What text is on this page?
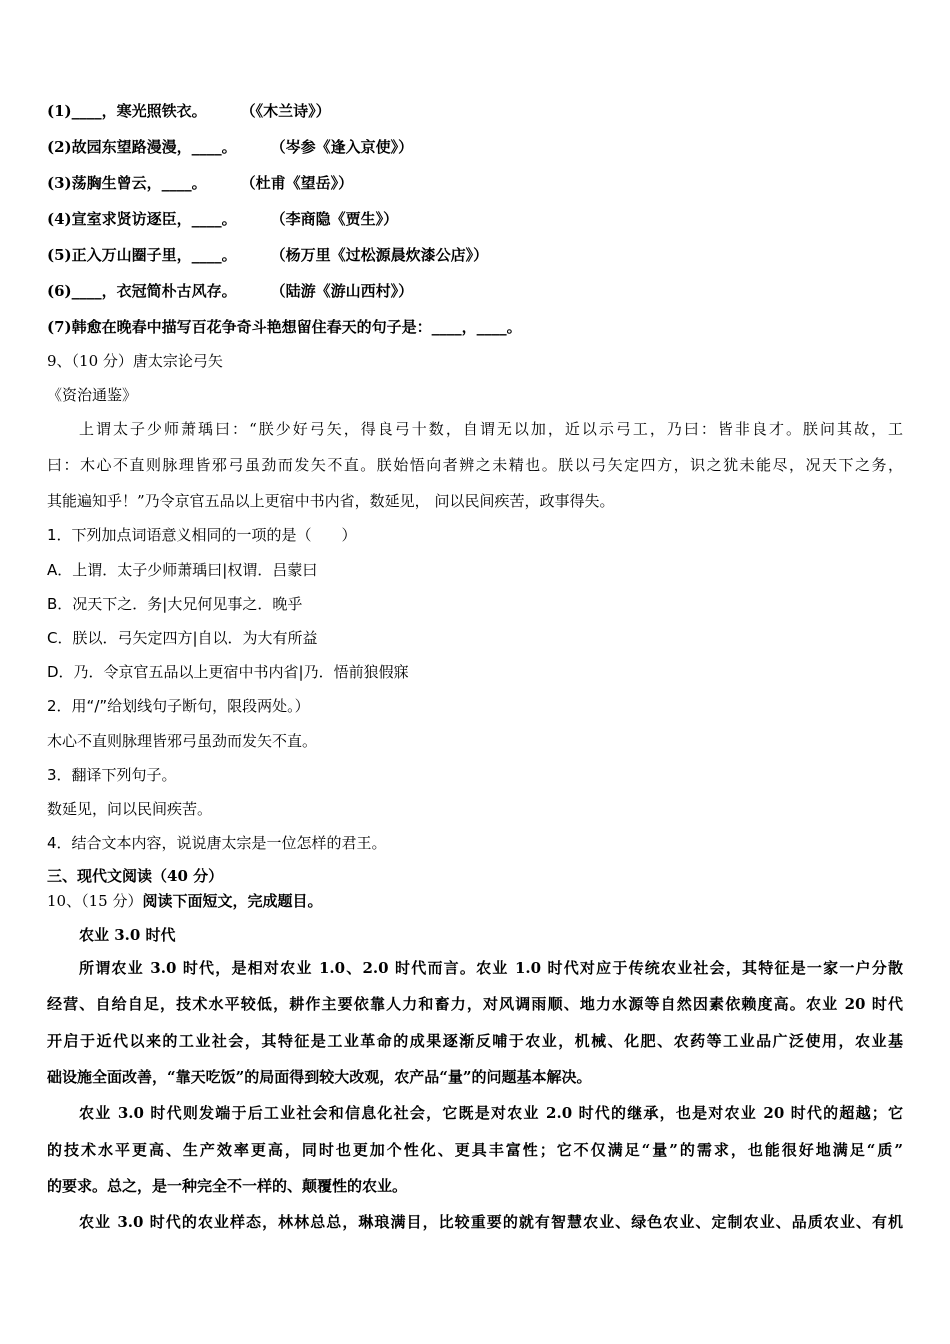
(1)____，寒光照铁衣。 （《木兰诗》）
(2)故园东望路漫漫，____。 （岑参《逢入京使》）
(3)荡胸生曾云，____。 （杜甫《望岳》）
(4)宣室求贤访逐臣，____。 （李商隐《贾生》）
(5)正入万山圈子里，____。 （杨万里《过松源晨炊漆公店》）
(6)____，衣冠简朴古风存。 （陆游《游山西村》）
(7)韩愈在晚春中描写百花争奇斗艳想留住春天的句子是：____，____。
9、（10 分）唐太宗论弓矢
《资治通鉴》
上谓太子少师萧瑀曰：“朕少好弓矢，得良弓十数，自谓无以加，近以示弓工，乃曰：皆非良才。朕问其故，工
曰：木心不直则脉理皆邪弓虽劲而发矢不直。朕始悟向者辨之未精也。朕以弓矢定四方，识之犹未能尽，况天下之务，
其能遍知乎！”乃令京官五品以上更宿中书内省，数延见， 问以民间疾苦，政事得失。
1．下列加点词语意义相同的一项的是（　　）
A．上谓．太子少师萧瑀曰|权谓．吕蒙曰
B．况天下之．务|大兄何见事之．晚乎
C．朕以．弓矢定四方|自以．为大有所益
D．乃．令京官五品以上更宿中书内省|乃．悟前狼假寐
2．用“/”给划线句子断句，限段两处。）
木心不直则脉理皆邪弓虽劲而发矢不直。
3．翻译下列句子。
数延见，问以民间疾苦。
4．结合文本内容，说说唐太宗是一位怎样的君王。
三、现代文阅读（40 分）
10、（15 分）阅读下面短文，完成题目。
农业 3.0 时代
所谓农业 3.0 时代，是相对农业 1.0、2.0 时代而言。农业 1.0 时代对应于传统农业社会，其特征是一家一户分散
经营、自给自足，技术水平较低，耕作主要依靠人力和畜力，对风调雨顺、地力水源等自然因素依赖度高。农业 20 时代
开启于近代以来的工业社会，其特征是工业革命的成果逐渐反哺于农业，机械、化肥、农药等工业品广泛使用，农业基
础设施全面改善，“靠天吃饭”的局面得到较大改观，农产品“量”的问题基本解决。
农业 3.0 时代则发端于后工业社会和信息化社会，它既是对农业 2.0 时代的继承，也是对农业 20 时代的超越；它
的技术水平更高、生产效率更高，同时也更加个性化、更具丰富性；它不仅满足“量”的需求，也能很好地满足“质”
的要求。总之，是一种完全不一样的、颠覆性的农业。
农业 3.0 时代的农业样态，林林总总，琳琅满目，比较重要的就有智慧农业、绿色农业、定制农业、品质农业、有机
